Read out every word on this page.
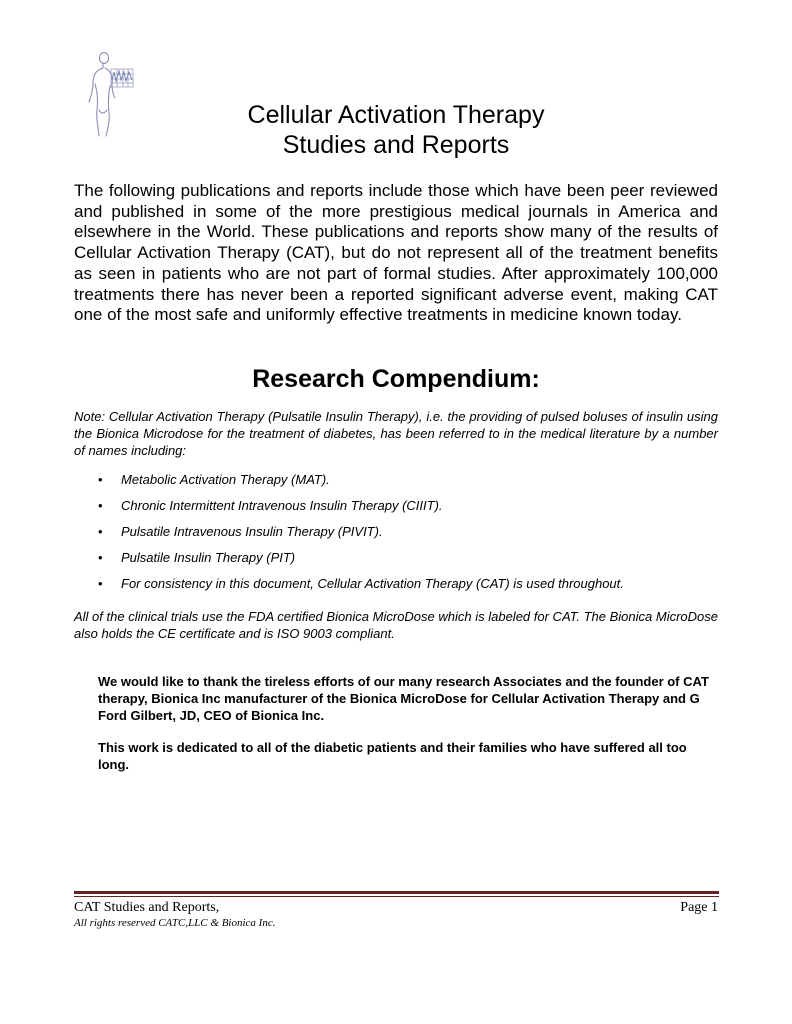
Cellular Activation Therapy
Studies and Reports
The following publications and reports include those which have been peer reviewed and published in some of the more prestigious medical journals in America and elsewhere in the World. These publications and reports show many of the results of Cellular Activation Therapy (CAT), but do not represent all of the treatment benefits as seen in patients who are not part of formal studies. After approximately 100,000 treatments there has never been a reported significant adverse event, making CAT one of the most safe and uniformly effective treatments in medicine known today.
Research Compendium:
Note: Cellular Activation Therapy (Pulsatile Insulin Therapy), i.e. the providing of pulsed boluses of insulin using the Bionica Microdose for the treatment of diabetes, has been referred to in the medical literature by a number of names including:
• Metabolic Activation Therapy (MAT).
• Chronic Intermittent Intravenous Insulin Therapy (CIIIT).
• Pulsatile Intravenous Insulin Therapy (PIVIT).
• Pulsatile Insulin Therapy (PIT)
• For consistency in this document, Cellular Activation Therapy (CAT) is used throughout.
All of the clinical trials use the FDA certified Bionica MicroDose which is labeled for CAT. The Bionica MicroDose also holds the CE certificate and is ISO 9003 compliant.
We would like to thank the tireless efforts of our many research Associates and the founder of CAT therapy, Bionica Inc manufacturer of the Bionica MicroDose for Cellular Activation Therapy and G Ford Gilbert, JD, CEO of Bionica Inc.
This work is dedicated to all of the diabetic patients and their families who have suffered all too long.
CAT Studies and Reports,
All rights reserved CATC,LLC & Bionica Inc.
Page 1
